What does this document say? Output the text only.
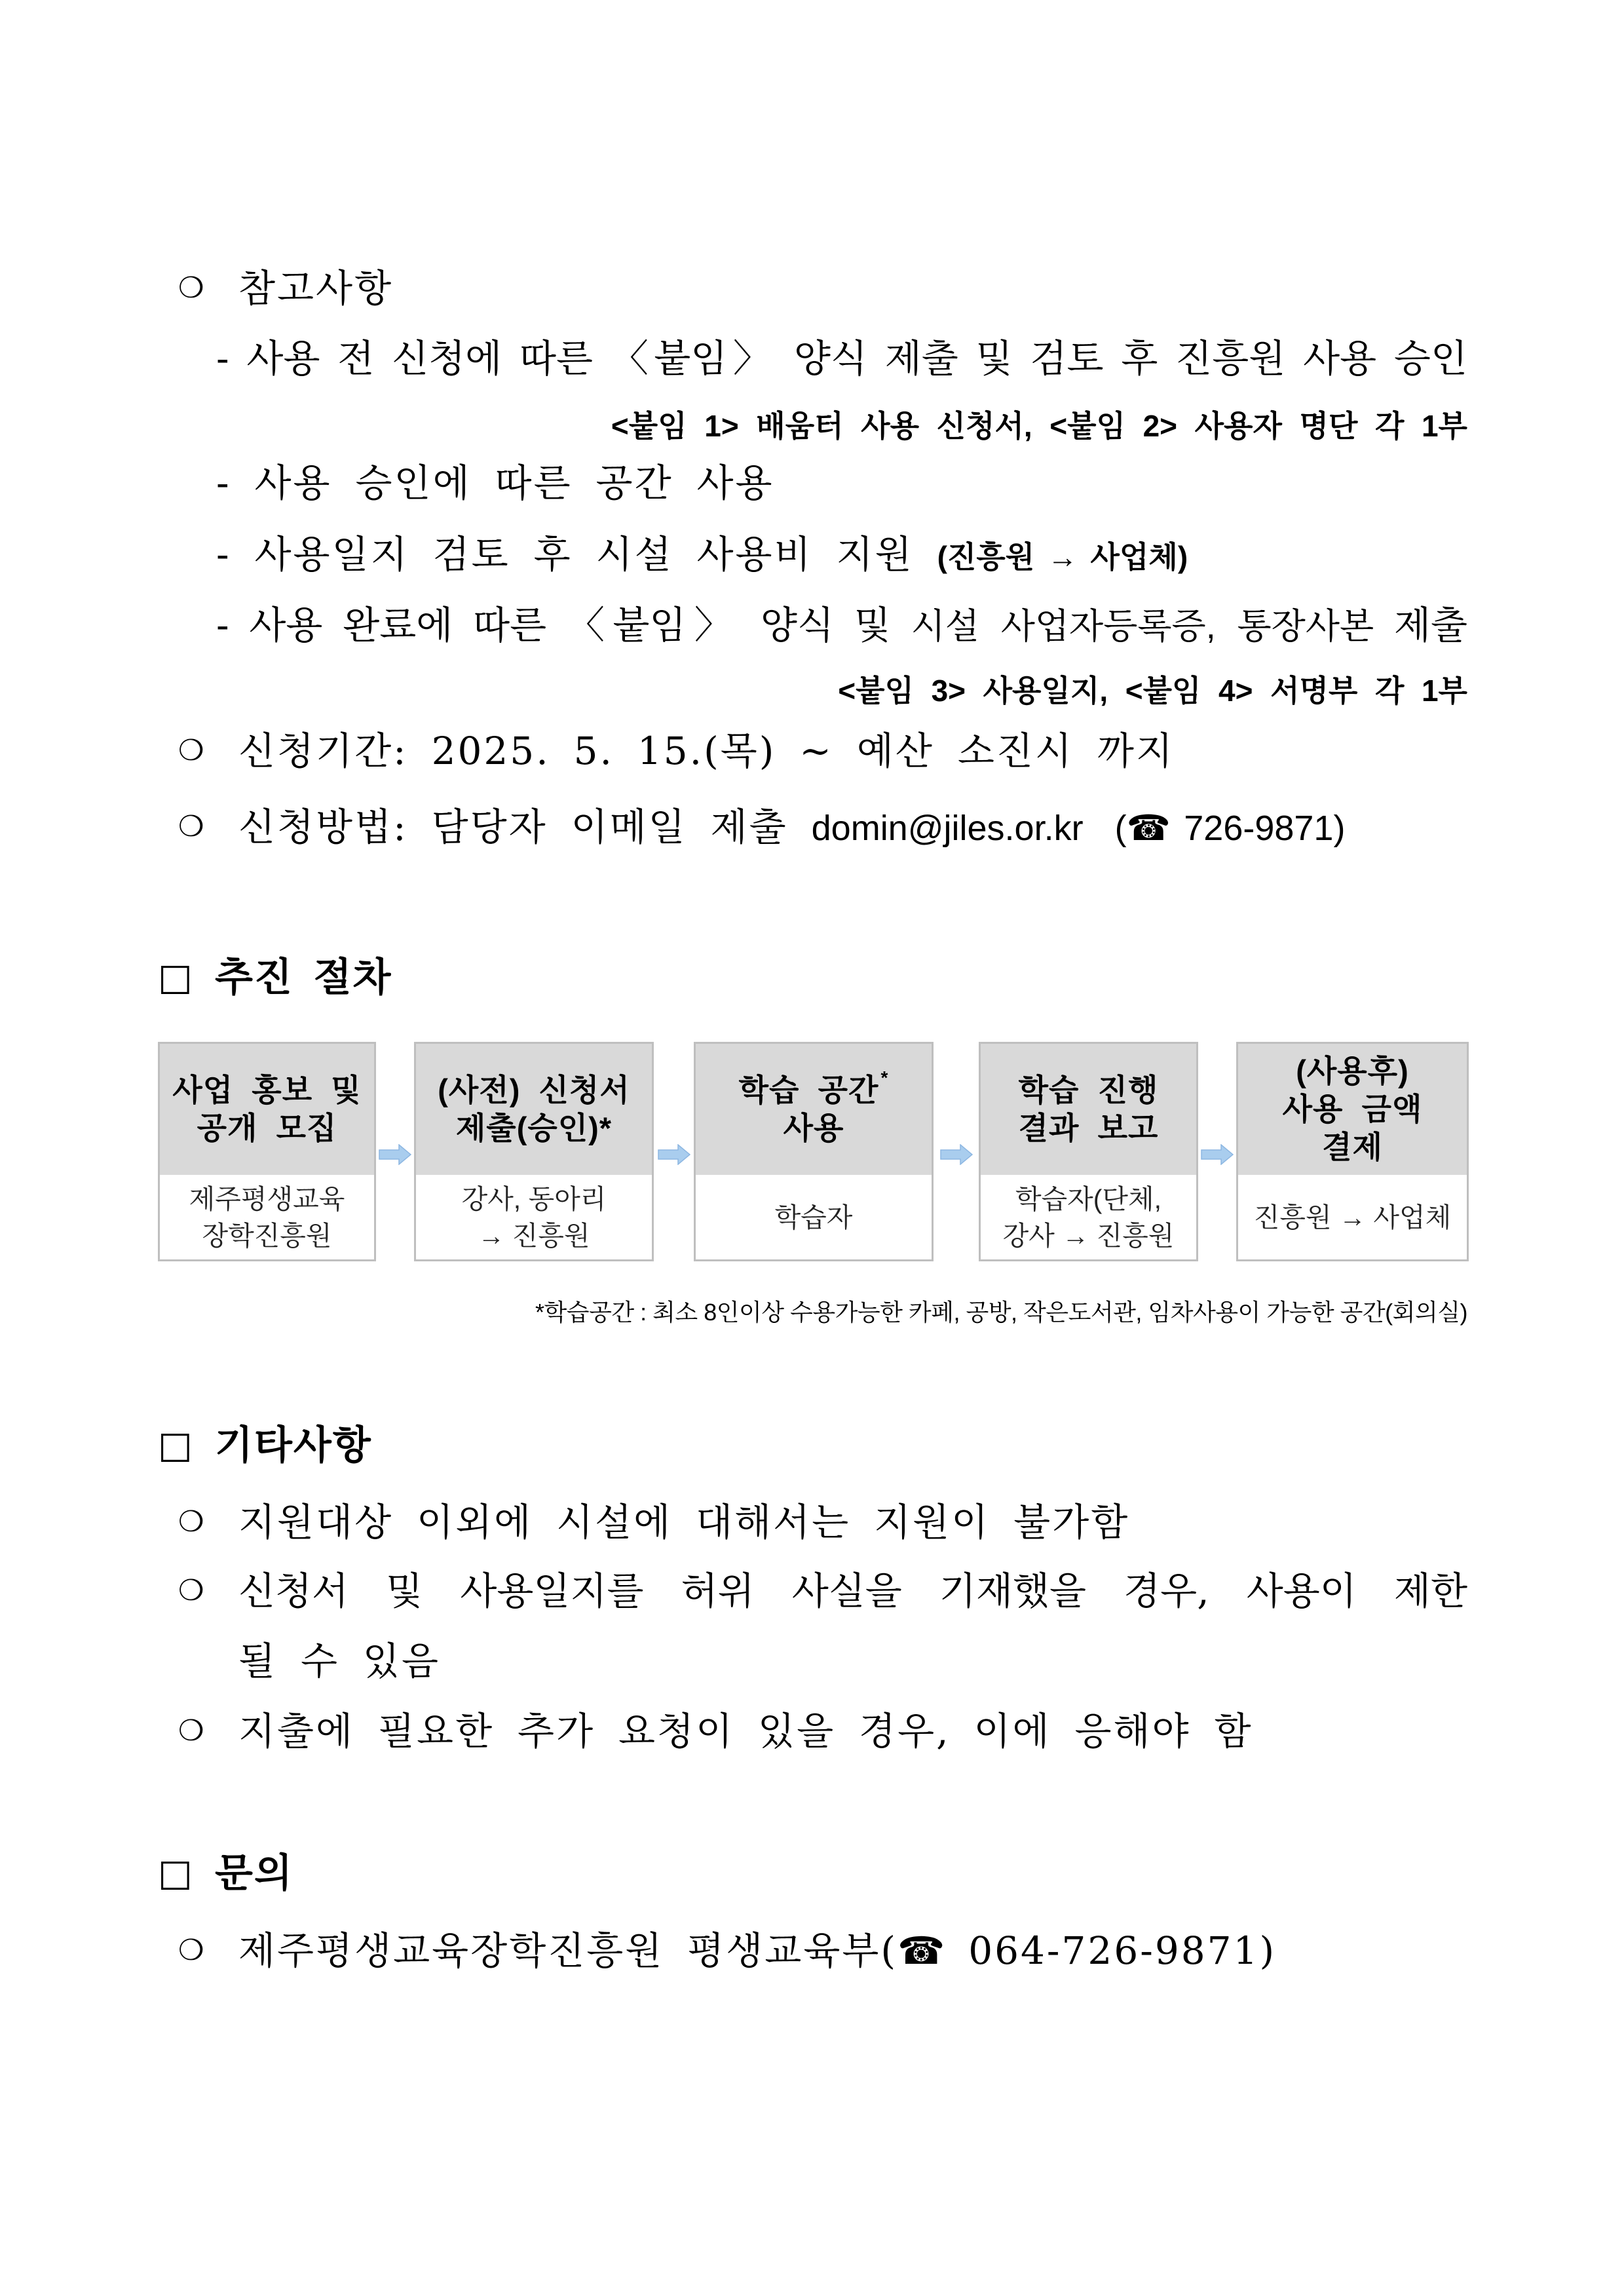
❍ 참고사항
- 사용 전 신청에 따른 〈붙임〉 양식 제출 및 검토 후 진흥원 사용 승인
<붙임 1> 배움터 사용 신청서, <붙임 2> 사용자 명단 각 1부
- 사용 승인에 따른 공간 사용
- 사용일지 검토 후 시설 사용비 지원 (진흥원 → 사업체)
- 사용 완료에 따른 〈붙임〉 양식 및 시설 사업자등록증, 통장사본 제출
<붙임 3> 사용일지, <붙임 4> 서명부 각 1부
❍ 신청기간: 2025. 5. 15.(목) ~ 예산 소진시 까지
❍ 신청방법: 담당자 이메일 제출 domin@jiles.or.kr (☎ 726-9871)
□ 추진 절차
사업 홍보 및
공개 모집
제주평생교육
장학진흥원
(사전) 신청서
제출(승인)*
강사, 동아리
→ 진흥원
학습 공간 *
사용
학습자
학습 진행
결과 보고
학습자(단체,
강사 → 진흥원
(사용후)
사용 금액
결제
진흥원 → 사업체
*학습공간 : 최소 8인이상 수용가능한 카페, 공방, 작은도서관, 임차사용이 가능한 공간(회의실)
□ 기타사항
❍ 지원대상 이외에 시설에 대해서는 지원이 불가함
❍ 신청서 및 사용일지를 허위 사실을 기재했을 경우, 사용이 제한
될 수 있음
❍ 지출에 필요한 추가 요청이 있을 경우, 이에 응해야 함
□ 문의
❍ 제주평생교육장학진흥원 평생교육부(☎ 064-726-9871)
